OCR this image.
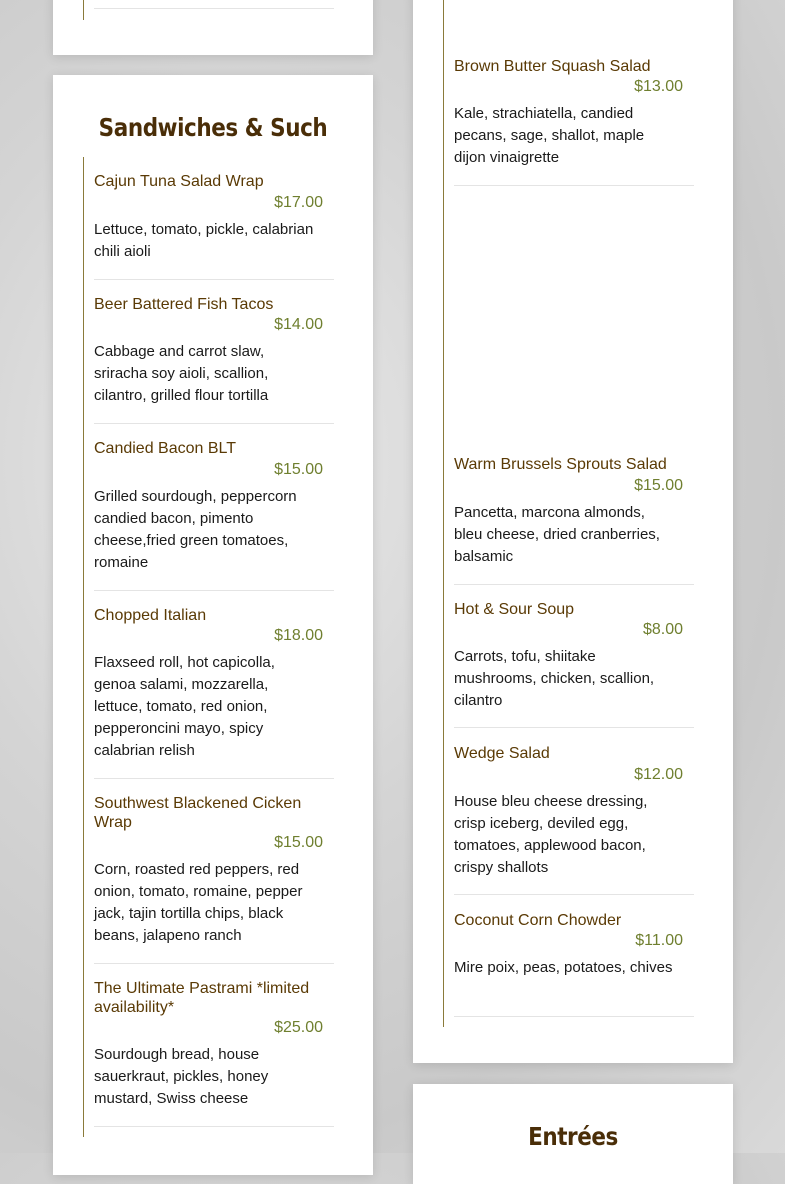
Sandwiches & Such
Cajun Tuna Salad Wrap
$17.00
Lettuce, tomato, pickle, calabrian chili aioli
Beer Battered Fish Tacos
$14.00
Cabbage and carrot slaw, sriracha soy aioli, scallion, cilantro, grilled flour tortilla
Candied Bacon BLT
$15.00
Grilled sourdough, peppercorn candied bacon, pimento cheese,fried green tomatoes, romaine
Chopped Italian
$18.00
Flaxseed roll, hot capicolla, genoa salami, mozzarella, lettuce, tomato, red onion, pepperoncini mayo, spicy calabrian relish
Southwest Blackened Cicken Wrap
$15.00
Corn, roasted red peppers, red onion, tomato, romaine, pepper jack, tajin tortilla chips, black beans, jalapeno ranch
The Ultimate Pastrami *limited availability*
$25.00
Sourdough bread, house sauerkraut, pickles, honey mustard, Swiss cheese
Brown Butter Squash Salad
$13.00
Kale, strachiatella, candied pecans, sage, shallot, maple dijon vinaigrette
Warm Brussels Sprouts Salad
$15.00
Pancetta, marcona almonds, bleu cheese, dried cranberries, balsamic
Hot & Sour Soup
$8.00
Carrots, tofu, shiitake mushrooms, chicken, scallion, cilantro
Wedge Salad
$12.00
House bleu cheese dressing, crisp iceberg, deviled egg, tomatoes, applewood bacon, crispy shallots
Coconut Corn Chowder
$11.00
Mire poix, peas, potatoes, chives
Entrées
